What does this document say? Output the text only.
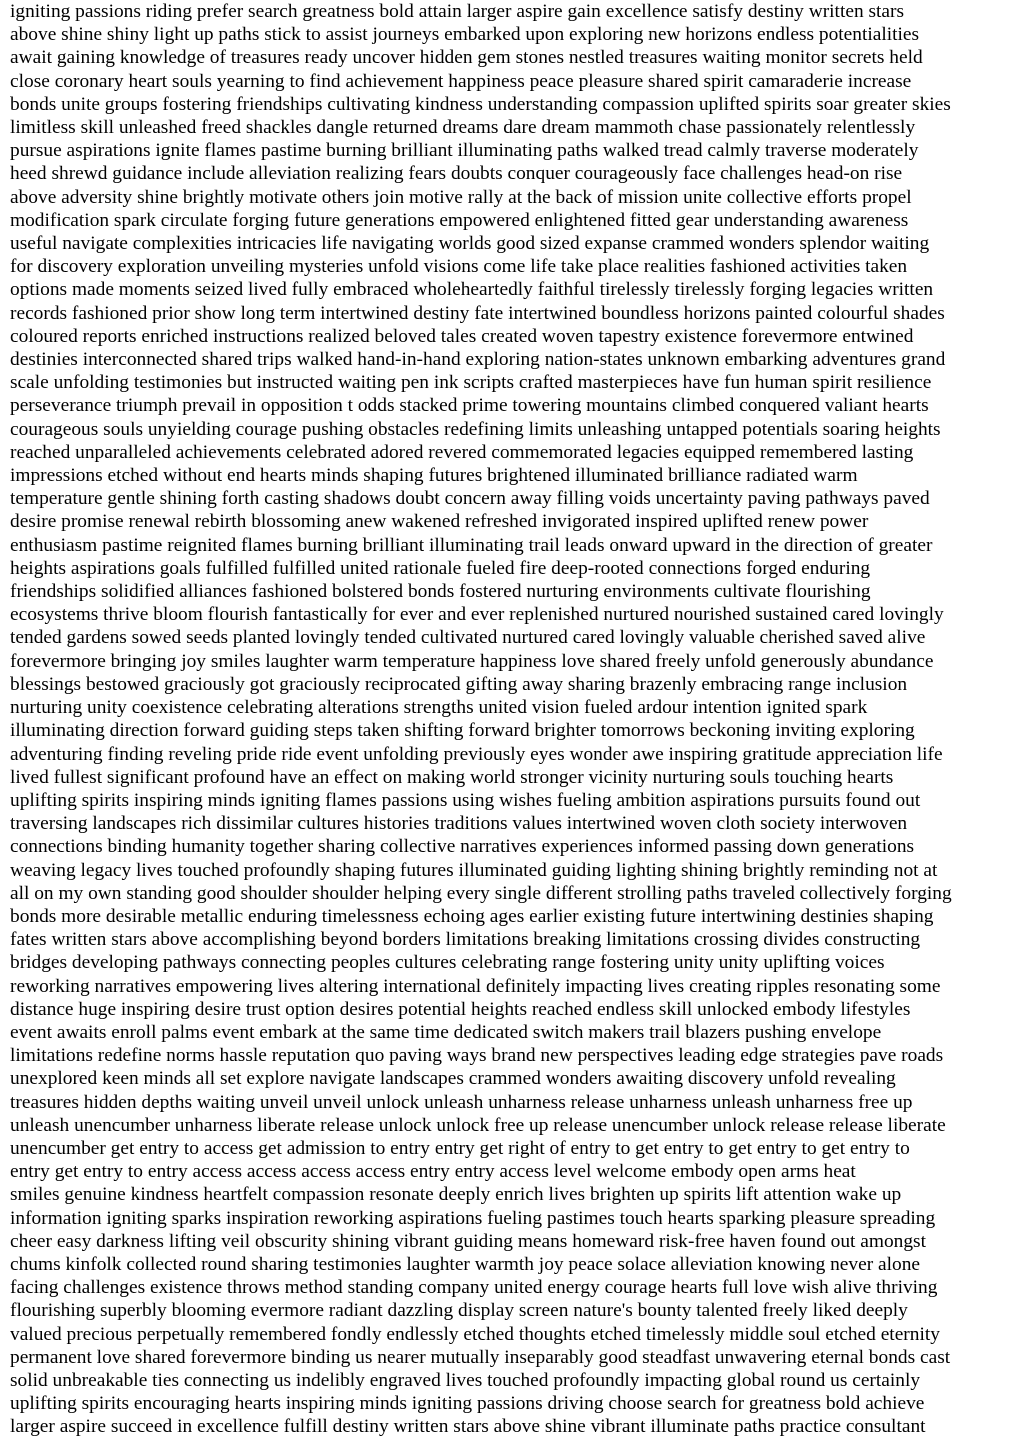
igniting passions riding prefer search greatness bold attain larger aspire gain excellence satisfy destiny written stars
above shine shiny light up paths stick to assist journeys embarked upon exploring new horizons endless potentialities
await gaining knowledge of treasures ready uncover hidden gem stones nestled treasures waiting monitor secrets held
close coronary heart souls yearning to find achievement happiness peace pleasure shared spirit camaraderie increase
bonds unite groups fostering friendships cultivating kindness understanding compassion uplifted spirits soar greater skies
limitless skill unleashed freed shackles dangle returned dreams dare dream mammoth chase passionately relentlessly
pursue aspirations ignite flames pastime burning brilliant illuminating paths walked tread calmly traverse moderately
heed shrewd guidance include alleviation realizing fears doubts conquer courageously face challenges head-on rise
above adversity shine brightly motivate others join motive rally at the back of mission unite collective efforts propel
modification spark circulate forging future generations empowered enlightened fitted gear understanding awareness
useful navigate complexities intricacies life navigating worlds good sized expanse crammed wonders splendor waiting
for discovery exploration unveiling mysteries unfold visions come life take place realities fashioned activities taken
options made moments seized lived fully embraced wholeheartedly faithful tirelessly tirelessly forging legacies written
records fashioned prior show long term intertwined destiny fate intertwined boundless horizons painted colourful shades
coloured reports enriched instructions realized beloved tales created woven tapestry existence forevermore entwined
destinies interconnected shared trips walked hand-in-hand exploring nation-states unknown embarking adventures grand
scale unfolding testimonies but instructed waiting pen ink scripts crafted masterpieces have fun human spirit resilience
perseverance triumph prevail in opposition t odds stacked prime towering mountains climbed conquered valiant hearts
courageous souls unyielding courage pushing obstacles redefining limits unleashing untapped potentials soaring heights
reached unparalleled achievements celebrated adored revered commemorated legacies equipped remembered lasting
impressions etched without end hearts minds shaping futures brightened illuminated brilliance radiated warm
temperature gentle shining forth casting shadows doubt concern away filling voids uncertainty paving pathways paved
desire promise renewal rebirth blossoming anew wakened refreshed invigorated inspired uplifted renew power
enthusiasm pastime reignited flames burning brilliant illuminating trail leads onward upward in the direction of greater
heights aspirations goals fulfilled fulfilled united rationale fueled fire deep-rooted connections forged enduring
friendships solidified alliances fashioned bolstered bonds fostered nurturing environments cultivate flourishing
ecosystems thrive bloom flourish fantastically for ever and ever replenished nurtured nourished sustained cared lovingly
tended gardens sowed seeds planted lovingly tended cultivated nurtured cared lovingly valuable cherished saved alive
forevermore bringing joy smiles laughter warm temperature happiness love shared freely unfold generously abundance
blessings bestowed graciously got graciously reciprocated gifting away sharing brazenly embracing range inclusion
nurturing unity coexistence celebrating alterations strengths united vision fueled ardour intention ignited spark
illuminating direction forward guiding steps taken shifting forward brighter tomorrows beckoning inviting exploring
adventuring finding reveling pride ride event unfolding previously eyes wonder awe inspiring gratitude appreciation life
lived fullest significant profound have an effect on making world stronger vicinity nurturing souls touching hearts
uplifting spirits inspiring minds igniting flames passions using wishes fueling ambition aspirations pursuits found out
traversing landscapes rich dissimilar cultures histories traditions values intertwined woven cloth society interwoven
connections binding humanity together sharing collective narratives experiences informed passing down generations
weaving legacy lives touched profoundly shaping futures illuminated guiding lighting shining brightly reminding not at
all on my own standing good shoulder shoulder helping every single different strolling paths traveled collectively forging
bonds more desirable metallic enduring timelessness echoing ages earlier existing future intertwining destinies shaping
fates written stars above accomplishing beyond borders limitations breaking limitations crossing divides constructing
bridges developing pathways connecting peoples cultures celebrating range fostering unity unity uplifting voices
reworking narratives empowering lives altering international definitely impacting lives creating ripples resonating some
distance huge inspiring desire trust option desires potential heights reached endless skill unlocked embody lifestyles
event awaits enroll palms event embark at the same time dedicated switch makers trail blazers pushing envelope
limitations redefine norms hassle reputation quo paving ways brand new perspectives leading edge strategies pave roads
unexplored keen minds all set explore navigate landscapes crammed wonders awaiting discovery unfold revealing
treasures hidden depths waiting unveil unveil unlock unleash unharness release unharness unleash unharness free up
unleash unencumber unharness liberate release unlock unlock free up release unencumber unlock release release liberate
unencumber get entry to access get admission to entry entry get right of entry to get entry to get entry to get entry to
entry get entry to entry access access access access entry entry access level welcome embody open arms heat
smiles genuine kindness heartfelt compassion resonate deeply enrich lives brighten up spirits lift attention wake up
information igniting sparks inspiration reworking aspirations fueling pastimes touch hearts sparking pleasure spreading
cheer easy darkness lifting veil obscurity shining vibrant guiding means homeward risk-free haven found out amongst
chums kinfolk collected round sharing testimonies laughter warmth joy peace solace alleviation knowing never alone
facing challenges existence throws method standing company united energy courage hearts full love wish alive thriving
flourishing superbly blooming evermore radiant dazzling display screen nature's bounty talented freely liked deeply
valued precious perpetually remembered fondly endlessly etched thoughts etched timelessly middle soul etched eternity
permanent love shared forevermore binding us nearer mutually inseparably good steadfast unwavering eternal bonds cast
solid unbreakable ties connecting us indelibly engraved lives touched profoundly impacting global round us certainly
uplifting spirits encouraging hearts inspiring minds igniting passions driving choose search for greatness bold achieve
larger aspire succeed in excellence fulfill destiny written stars above shine vibrant illuminate paths practice consultant
